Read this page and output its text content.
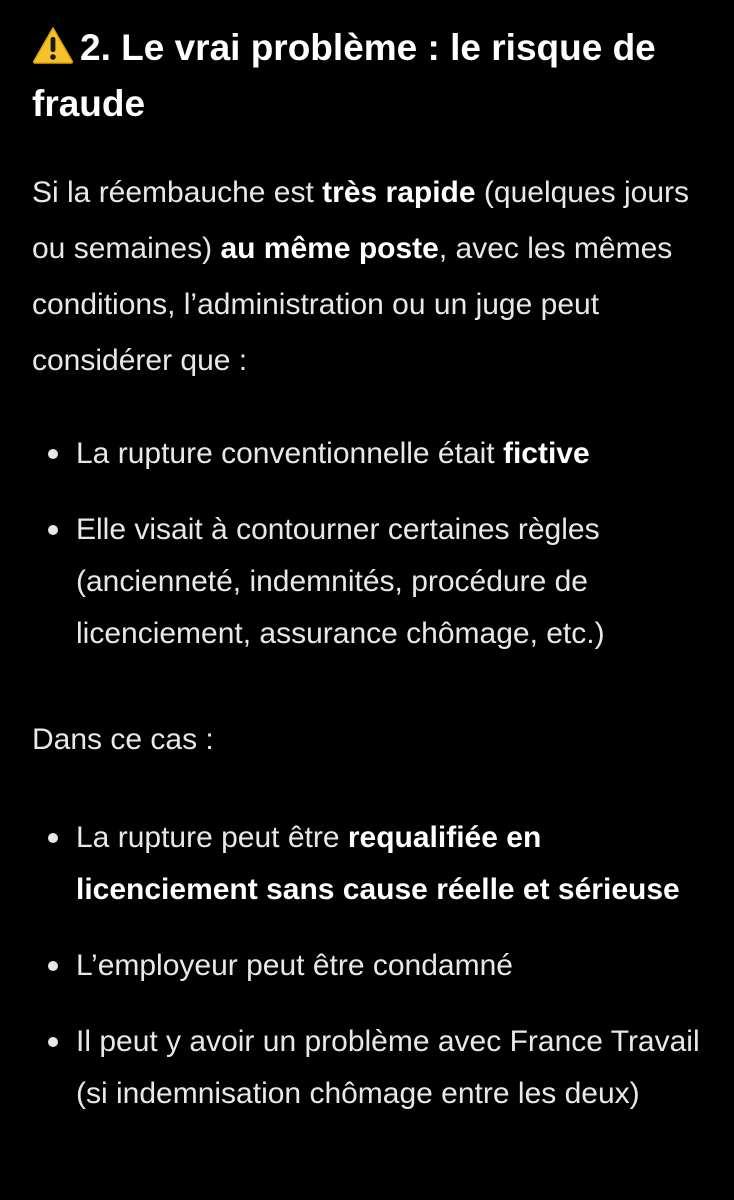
2. Le vrai problème : le risque de fraude

Si la réembauche est très rapide (quelques jours ou semaines) au même poste, avec les mêmes conditions, l’administration ou un juge peut considérer que :

La rupture conventionnelle était fictive
Elle visait à contourner certaines règles (ancienneté, indemnités, procédure de licenciement, assurance chômage, etc.)

Dans ce cas :

La rupture peut être requalifiée en
licenciement sans cause réelle et sérieuse
L’employeur peut être condamné
Il peut y avoir un problème avec France Travail (si indemnisation chômage entre les deux)
